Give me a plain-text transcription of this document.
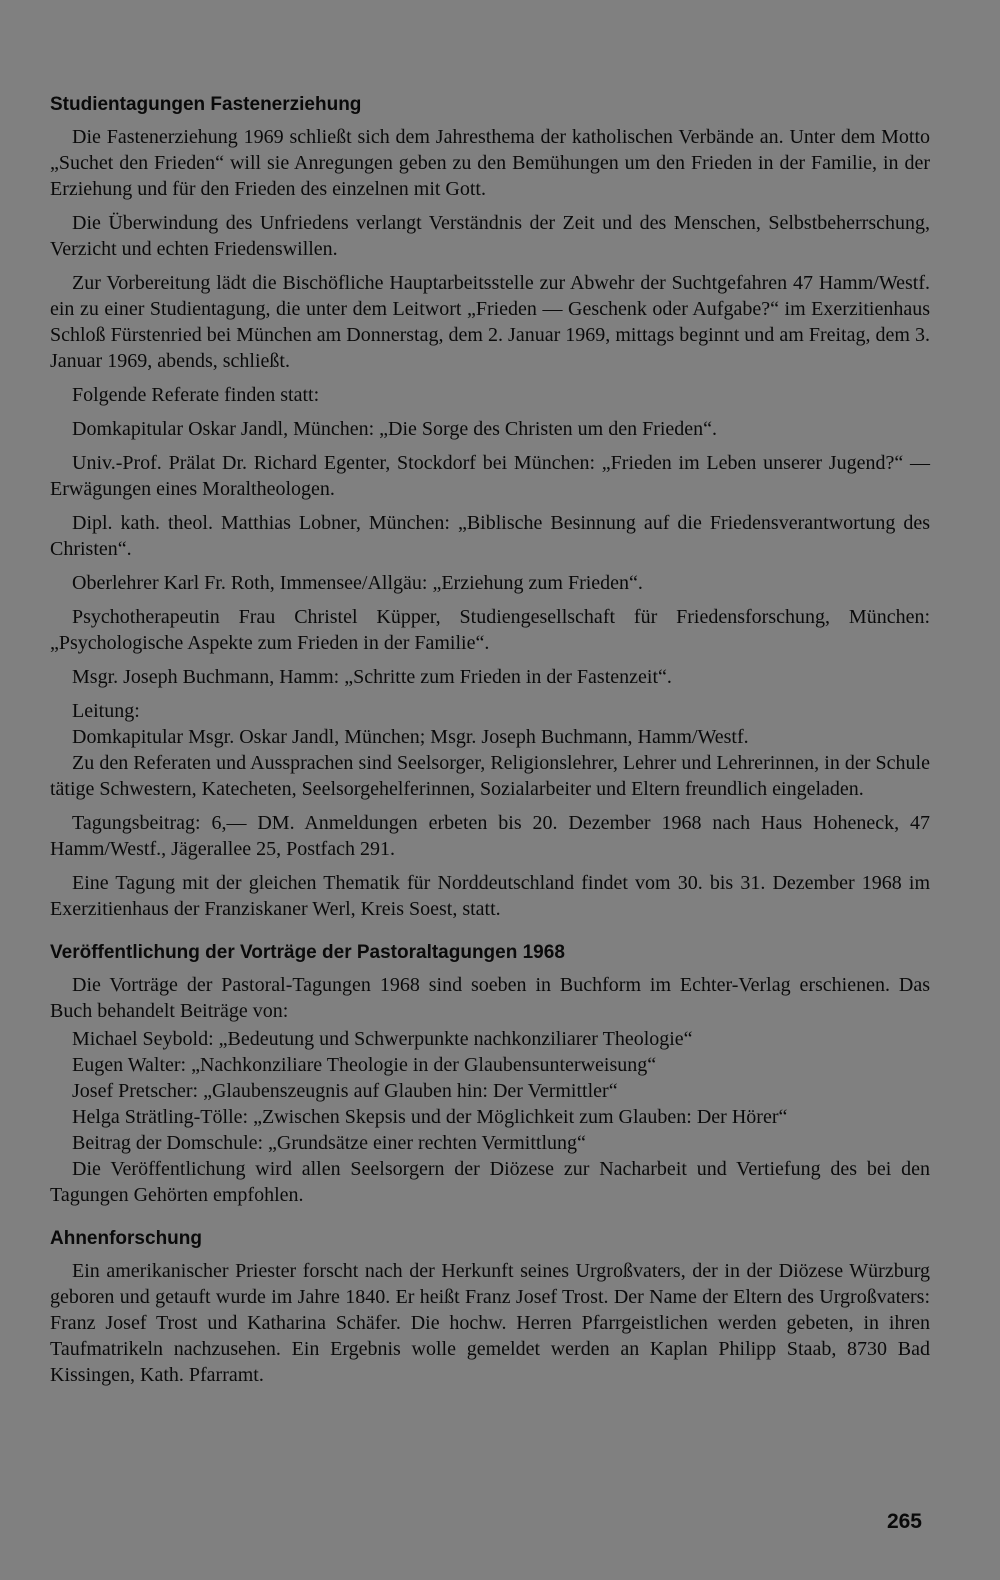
Studientagungen Fastenerziehung

Die Fastenerziehung 1969 schließt sich dem Jahresthema der katholischen Verbände an. Unter dem Motto „Suchet den Frieden“ will sie Anregungen geben zu den Bemühungen um den Frieden in der Familie, in der Erziehung und für den Frieden des einzelnen mit Gott.

Die Überwindung des Unfriedens verlangt Verständnis der Zeit und des Menschen, Selbstbeherrschung, Verzicht und echten Friedenswillen.

Zur Vorbereitung lädt die Bischöfliche Hauptarbeitsstelle zur Abwehr der Suchtgefahren 47 Hamm/Westf. ein zu einer Studientagung, die unter dem Leitwort „Frieden — Geschenk oder Aufgabe?“ im Exerzitienhaus Schloß Fürstenried bei München am Donnerstag, dem 2. Januar 1969, mittags beginnt und am Freitag, dem 3. Januar 1969, abends, schließt.

Folgende Referate finden statt:

Domkapitular Oskar Jandl, München: „Die Sorge des Christen um den Frieden“.

Univ.-Prof. Prälat Dr. Richard Egenter, Stockdorf bei München: „Frieden im Leben unserer Jugend?“ — Erwägungen eines Moraltheologen.

Dipl. kath. theol. Matthias Lobner, München: „Biblische Besinnung auf die Friedensverantwortung des Christen“.

Oberlehrer Karl Fr. Roth, Immensee/Allgäu: „Erziehung zum Frieden“.

Psychotherapeutin Frau Christel Küpper, Studiengesellschaft für Friedensforschung, München: „Psychologische Aspekte zum Frieden in der Familie“.

Msgr. Joseph Buchmann, Hamm: „Schritte zum Frieden in der Fastenzeit“.

Leitung:

Domkapitular Msgr. Oskar Jandl, München; Msgr. Joseph Buchmann, Hamm/Westf.

Zu den Referaten und Aussprachen sind Seelsorger, Religionslehrer, Lehrer und Lehrerinnen, in der Schule tätige Schwestern, Katecheten, Seelsorgehelferinnen, Sozialarbeiter und Eltern freundlich eingeladen.

Tagungsbeitrag: 6,— DM. Anmeldungen erbeten bis 20. Dezember 1968 nach Haus Hoheneck, 47 Hamm/Westf., Jägerallee 25, Postfach 291.

Eine Tagung mit der gleichen Thematik für Norddeutschland findet vom 30. bis 31. Dezember 1968 im Exerzitienhaus der Franziskaner Werl, Kreis Soest, statt.

Veröffentlichung der Vorträge der Pastoraltagungen 1968

Die Vorträge der Pastoral-Tagungen 1968 sind soeben in Buchform im Echter-Verlag erschienen. Das Buch behandelt Beiträge von:

Michael Seybold: „Bedeutung und Schwerpunkte nachkonziliarer Theologie“

Eugen Walter: „Nachkonziliare Theologie in der Glaubensunterweisung“

Josef Pretscher: „Glaubenszeugnis auf Glauben hin: Der Vermittler“

Helga Strätling-Tölle: „Zwischen Skepsis und der Möglichkeit zum Glauben: Der Hörer“

Beitrag der Domschule: „Grundsätze einer rechten Vermittlung“

Die Veröffentlichung wird allen Seelsorgern der Diözese zur Nacharbeit und Vertiefung des bei den Tagungen Gehörten empfohlen.

Ahnenforschung

Ein amerikanischer Priester forscht nach der Herkunft seines Urgroßvaters, der in der Diözese Würzburg geboren und getauft wurde im Jahre 1840. Er heißt Franz Josef Trost. Der Name der Eltern des Urgroßvaters: Franz Josef Trost und Katharina Schäfer. Die hochw. Herren Pfarrgeistlichen werden gebeten, in ihren Taufmatrikeln nachzusehen. Ein Ergebnis wolle gemeldet werden an Kaplan Philipp Staab, 8730 Bad Kissingen, Kath. Pfarramt.

265
